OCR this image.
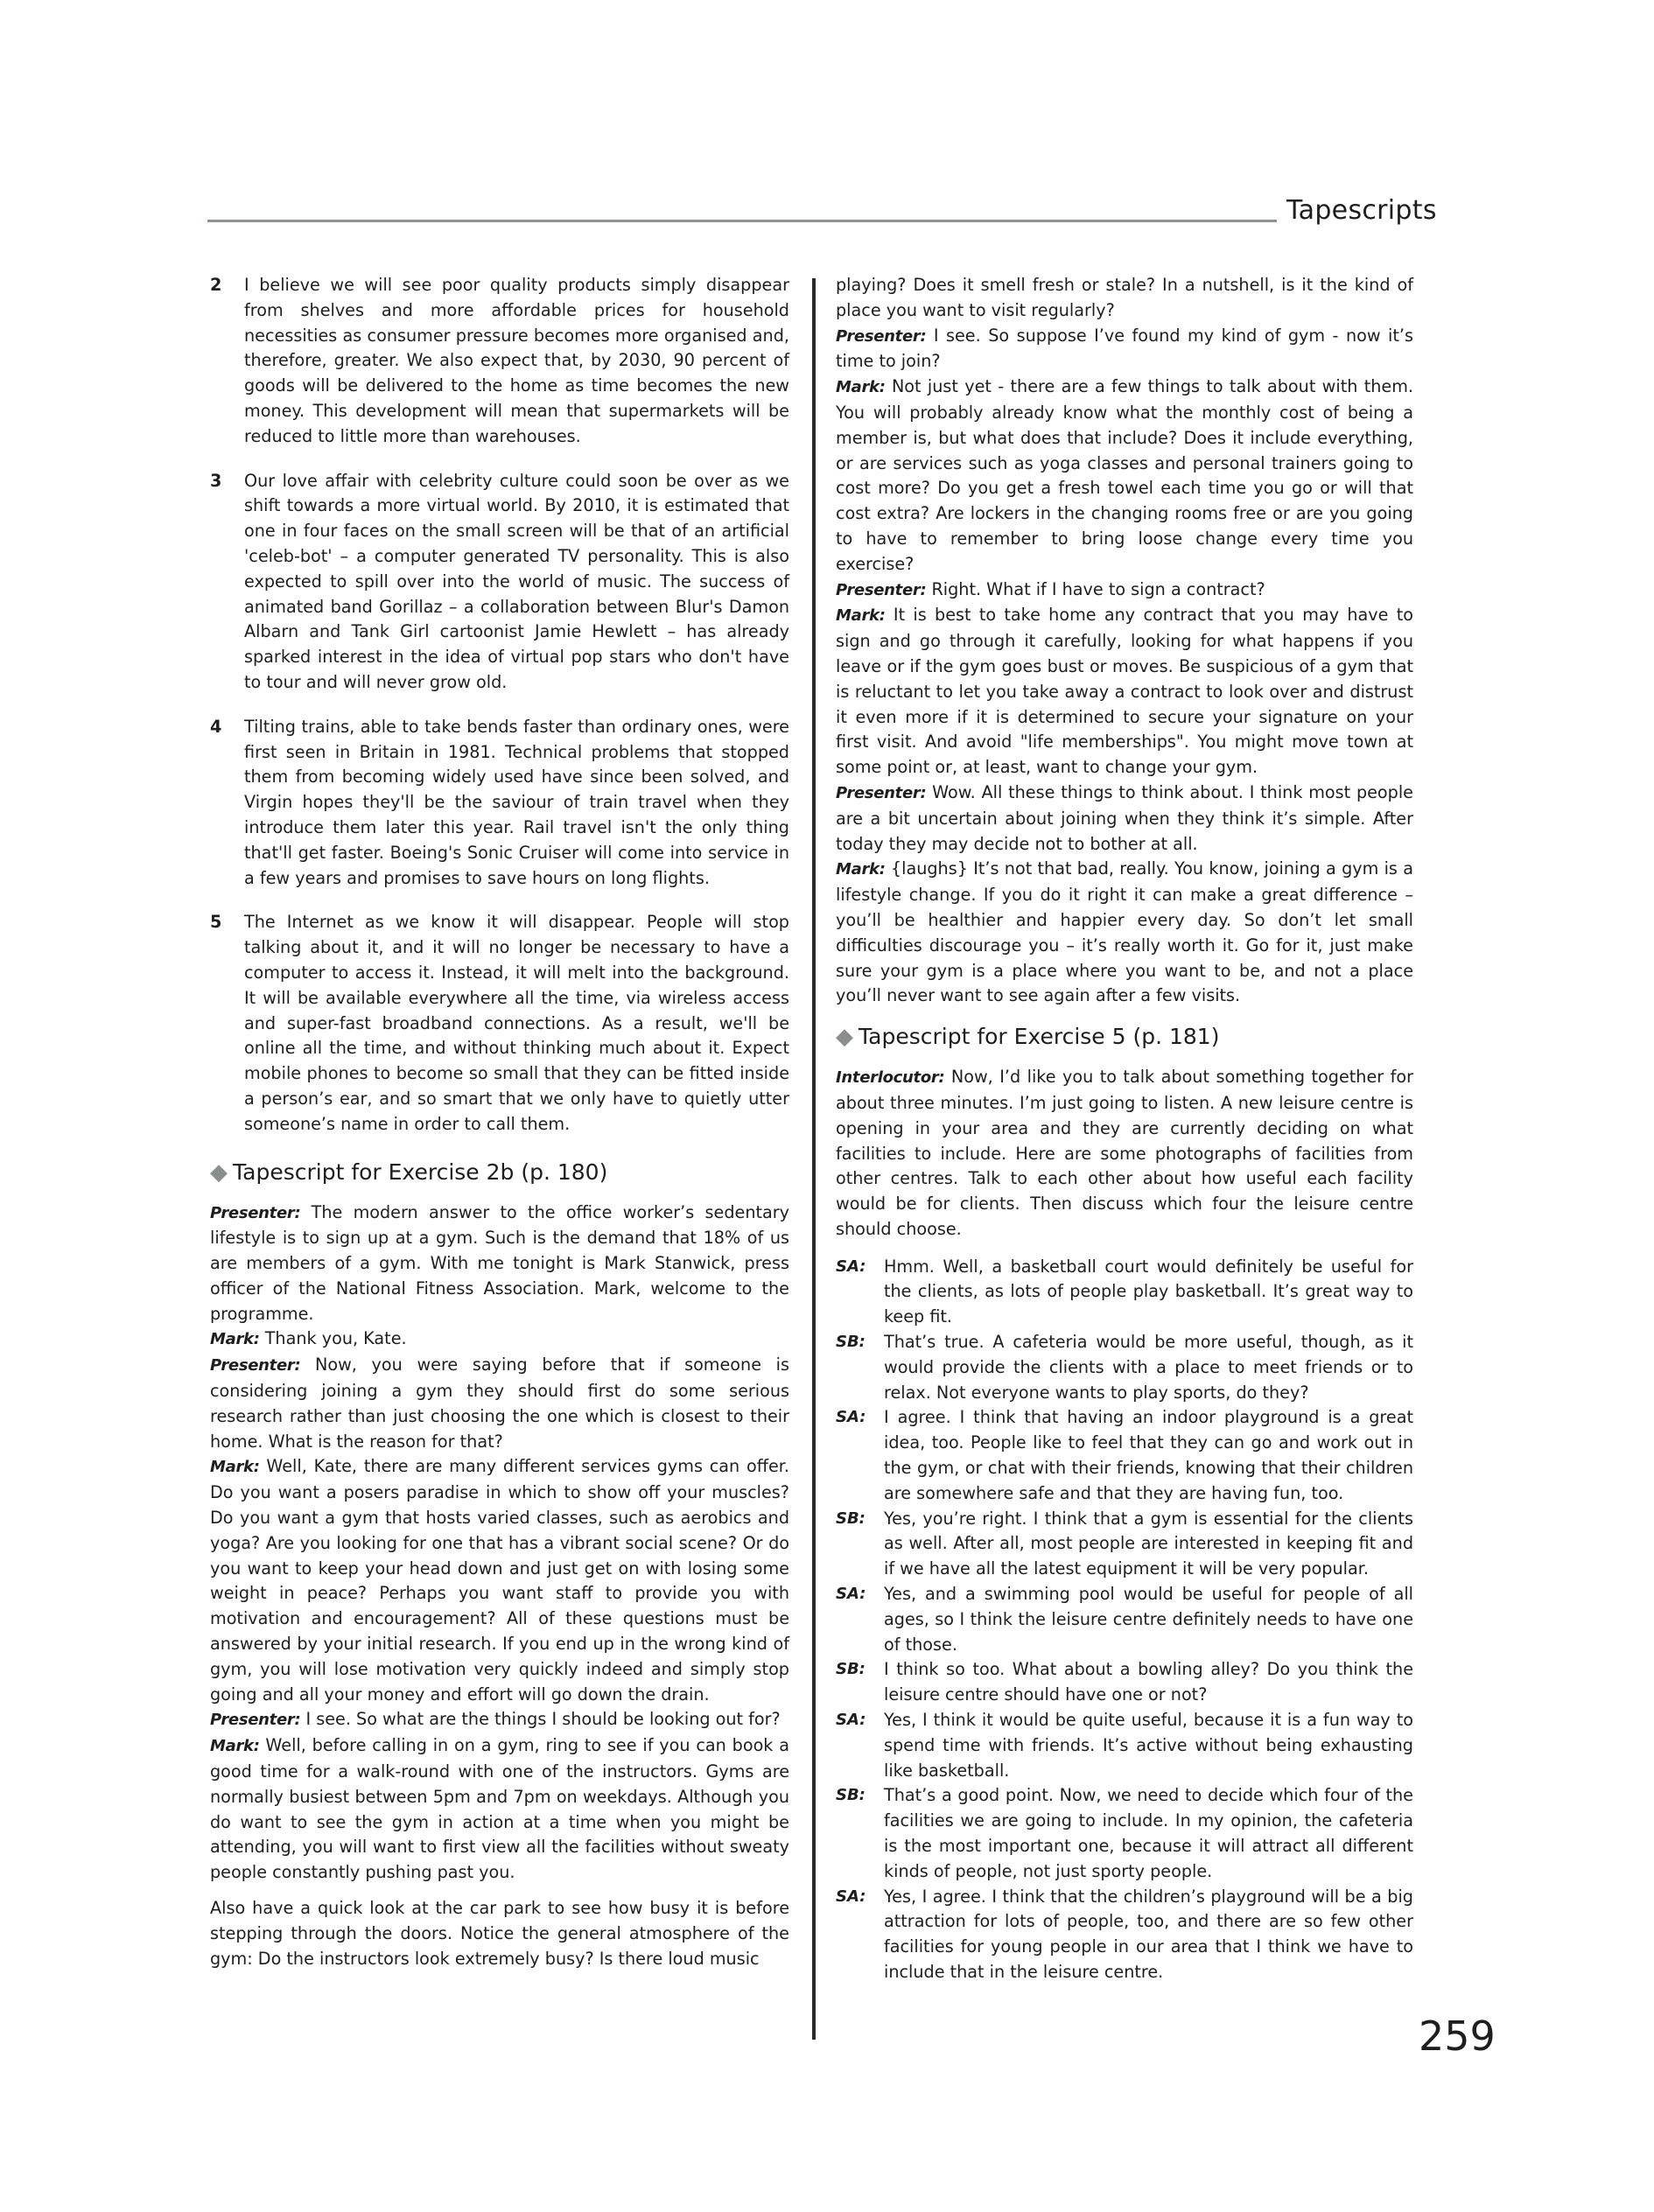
Tapescripts
2 I believe we will see poor quality products simply disappear from shelves and more affordable prices for household necessities as consumer pressure becomes more organised and, therefore, greater. We also expect that, by 2030, 90 percent of goods will be delivered to the home as time becomes the new money. This development will mean that supermarkets will be reduced to little more than warehouses.
3 Our love affair with celebrity culture could soon be over as we shift towards a more virtual world. By 2010, it is estimated that one in four faces on the small screen will be that of an artificial 'celeb-bot' – a computer generated TV personality. This is also expected to spill over into the world of music. The success of animated band Gorillaz – a collaboration between Blur's Damon Albarn and Tank Girl cartoonist Jamie Hewlett – has already sparked interest in the idea of virtual pop stars who don't have to tour and will never grow old.
4 Tilting trains, able to take bends faster than ordinary ones, were first seen in Britain in 1981. Technical problems that stopped them from becoming widely used have since been solved, and Virgin hopes they'll be the saviour of train travel when they introduce them later this year. Rail travel isn't the only thing that'll get faster. Boeing's Sonic Cruiser will come into service in a few years and promises to save hours on long flights.
5 The Internet as we know it will disappear. People will stop talking about it, and it will no longer be necessary to have a computer to access it. Instead, it will melt into the background. It will be available everywhere all the time, via wireless access and super-fast broadband connections. As a result, we'll be online all the time, and without thinking much about it. Expect mobile phones to become so small that they can be fitted inside a person’s ear, and so smart that we only have to quietly utter someone’s name in order to call them.
◆ Tapescript for Exercise 2b (p. 180)

Presenter: The modern answer to the office worker’s sedentary lifestyle is to sign up at a gym. Such is the demand that 18% of us are members of a gym. With me tonight is Mark Stanwick, press officer of the National Fitness Association. Mark, welcome to the programme.

Mark: Thank you, Kate.

Presenter: Now, you were saying before that if someone is considering joining a gym they should first do some serious research rather than just choosing the one which is closest to their home. What is the reason for that?

Mark: Well, Kate, there are many different services gyms can offer. Do you want a posers paradise in which to show off your muscles? Do you want a gym that hosts varied classes, such as aerobics and yoga? Are you looking for one that has a vibrant social scene? Or do you want to keep your head down and just get on with losing some weight in peace? Perhaps you want staff to provide you with motivation and encouragement? All of these questions must be answered by your initial research. If you end up in the wrong kind of gym, you will lose motivation very quickly indeed and simply stop going and all your money and effort will go down the drain.

Presenter: I see. So what are the things I should be looking out for?

Mark: Well, before calling in on a gym, ring to see if you can book a good time for a walk-round with one of the instructors. Gyms are normally busiest between 5pm and 7pm on weekdays. Although you do want to see the gym in action at a time when you might be attending, you will want to first view all the facilities without sweaty people constantly pushing past you.

Also have a quick look at the car park to see how busy it is before stepping through the doors. Notice the general atmosphere of the gym: Do the instructors look extremely busy? Is there loud music

playing? Does it smell fresh or stale? In a nutshell, is it the kind of place you want to visit regularly?

Presenter: I see. So suppose I’ve found my kind of gym - now it’s time to join?

Mark: Not just yet - there are a few things to talk about with them. You will probably already know what the monthly cost of being a member is, but what does that include? Does it include everything, or are services such as yoga classes and personal trainers going to cost more? Do you get a fresh towel each time you go or will that cost extra? Are lockers in the changing rooms free or are you going to have to remember to bring loose change every time you exercise?

Presenter: Right. What if I have to sign a contract?

Mark: It is best to take home any contract that you may have to sign and go through it carefully, looking for what happens if you leave or if the gym goes bust or moves. Be suspicious of a gym that is reluctant to let you take away a contract to look over and distrust it even more if it is determined to secure your signature on your first visit. And avoid "life memberships". You might move town at some point or, at least, want to change your gym.

Presenter: Wow. All these things to think about. I think most people are a bit uncertain about joining when they think it’s simple. After today they may decide not to bother at all.

Mark: {laughs} It’s not that bad, really. You know, joining a gym is a lifestyle change. If you do it right it can make a great difference – you’ll be healthier and happier every day. So don’t let small difficulties discourage you – it’s really worth it. Go for it, just make sure your gym is a place where you want to be, and not a place you’ll never want to see again after a few visits.

◆ Tapescript for Exercise 5 (p. 181)

Interlocutor: Now, I’d like you to talk about something together for about three minutes. I’m just going to listen. A new leisure centre is opening in your area and they are currently deciding on what facilities to include. Here are some photographs of facilities from other centres. Talk to each other about how useful each facility would be for clients. Then discuss which four the leisure centre should choose.

SA: Hmm. Well, a basketball court would definitely be useful for the clients, as lots of people play basketball. It’s great way to keep fit.

SB: That’s true. A cafeteria would be more useful, though, as it would provide the clients with a place to meet friends or to relax. Not everyone wants to play sports, do they?

SA: I agree. I think that having an indoor playground is a great idea, too. People like to feel that they can go and work out in the gym, or chat with their friends, knowing that their children are somewhere safe and that they are having fun, too.

SB: Yes, you’re right. I think that a gym is essential for the clients as well. After all, most people are interested in keeping fit and if we have all the latest equipment it will be very popular.

SA: Yes, and a swimming pool would be useful for people of all ages, so I think the leisure centre definitely needs to have one of those.

SB: I think so too. What about a bowling alley? Do you think the leisure centre should have one or not?

SA: Yes, I think it would be quite useful, because it is a fun way to spend time with friends. It’s active without being exhausting like basketball.

SB: That’s a good point. Now, we need to decide which four of the facilities we are going to include. In my opinion, the cafeteria is the most important one, because it will attract all different kinds of people, not just sporty people.

SA: Yes, I agree. I think that the children’s playground will be a big attraction for lots of people, too, and there are so few other facilities for young people in our area that I think we have to include that in the leisure centre.

259
